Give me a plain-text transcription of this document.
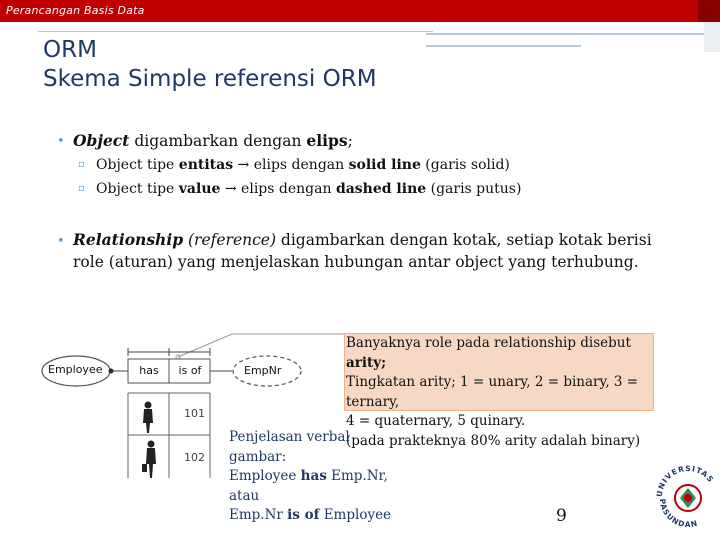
Perancangan Basis Data
ORM
Skema Simple referensi ORM
• Object digambarkan dengan elips;
▫ Object tipe entitas → elips dengan solid line (garis solid)
▫ Object tipe value → elips dengan dashed line (garis putus)
• Relationship (reference) digambarkan dengan kotak, setiap kotak berisi
role (aturan) yang menjelaskan hubungan antar object yang terhubung.
Employee	has	is of	EmpNr
101
102
Banyaknya role pada relationship disebut
arity;
Tingkatan arity; 1 = unary, 2 = binary, 3 =
ternary,
4 = quaternary, 5 quinary.
(pada prakteknya 80% arity adalah binary)
Penjelasan verbal
gambar:
Employee has Emp.Nr,
atau
Emp.Nr is of Employee	9
UNIVERSITAS
PASUNDAN
